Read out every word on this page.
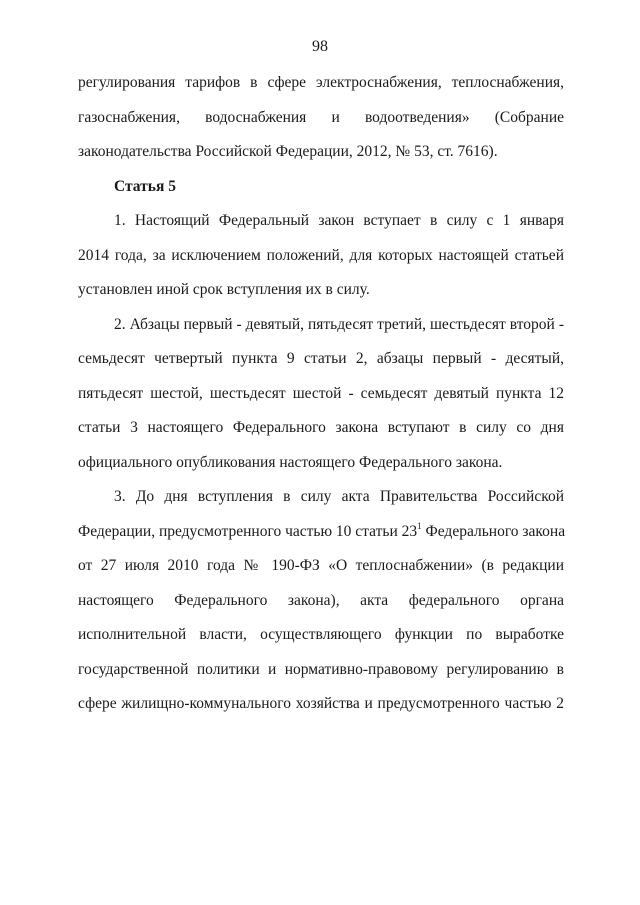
98
регулирования тарифов в сфере электроснабжения, теплоснабжения,
газоснабжения, водоснабжения и водоотведения» (Собрание
законодательства Российской Федерации, 2012, № 53, ст. 7616).
Статья 5
1. Настоящий Федеральный закон вступает в силу с 1 января
2014 года, за исключением положений, для которых настоящей статьей
установлен иной срок вступления их в силу.
2. Абзацы первый - девятый, пятьдесят третий, шестьдесят второй -
семьдесят четвертый пункта 9 статьи 2, абзацы первый - десятый,
пятьдесят шестой, шестьдесят шестой - семьдесят девятый пункта 12
статьи 3 настоящего Федерального закона вступают в силу со дня
официального опубликования настоящего Федерального закона.
3. До дня вступления в силу акта Правительства Российской
Федерации, предусмотренного частью 10 статьи $23^1$ Федерального закона
от 27 июля 2010 года № 190-ФЗ «О теплоснабжении» (в редакции
настоящего Федерального закона), акта федерального органа
исполнительной власти, осуществляющего функции по выработке
государственной политики и нормативно-правовому регулированию в
сфере жилищно-коммунального хозяйства и предусмотренного частью 2
